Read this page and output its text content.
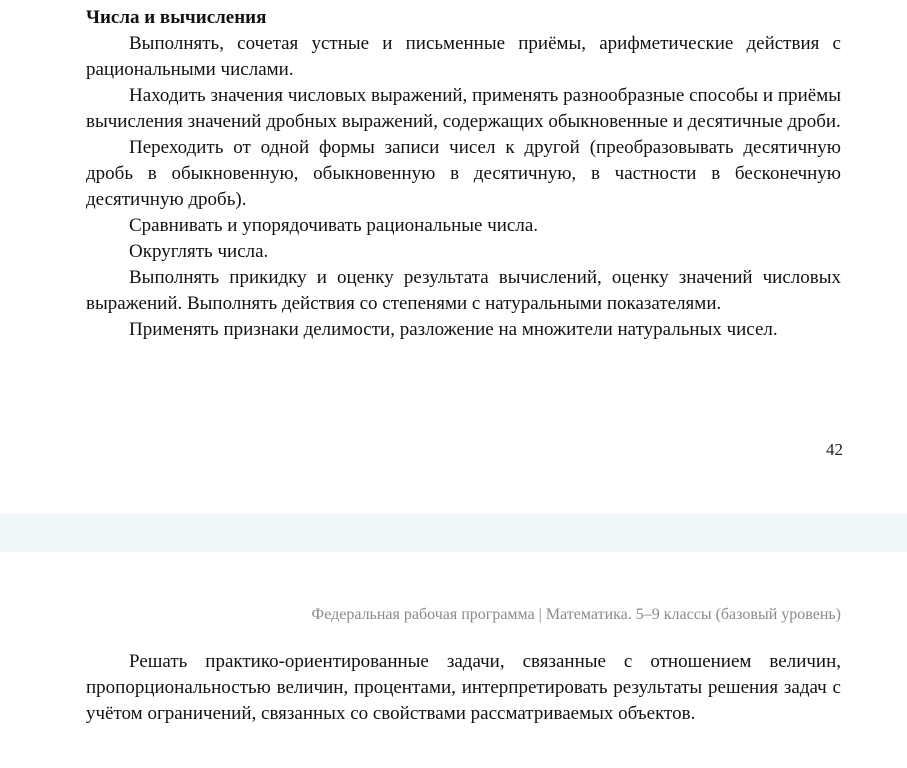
Числа и вычисления

Выполнять, сочетая устные и письменные приёмы, арифметические действия с рациональными числами.

Находить значения числовых выражений, применять разнообразные способы и приёмы вычисления значений дробных выражений, содержащих обыкновенные и десятичные дроби.

Переходить от одной формы записи чисел к другой (преобразовывать десятичную дробь в обыкновенную, обыкновенную в десятичную, в частности в бесконечную десятичную дробь).

Сравнивать и упорядочивать рациональные числа.

Округлять числа.

Выполнять прикидку и оценку результата вычислений, оценку значений числовых выражений. Выполнять действия со степенями с натуральными показателями.

Применять признаки делимости, разложение на множители натуральных чисел.

42
Федеральная рабочая программа | Математика. 5–9 классы (базовый уровень)

Решать практико-ориентированные задачи, связанные с отношением величин, пропорциональностью величин, процентами, интерпретировать результаты решения задач с учётом ограничений, связанных со свойствами рассматриваемых объектов.
